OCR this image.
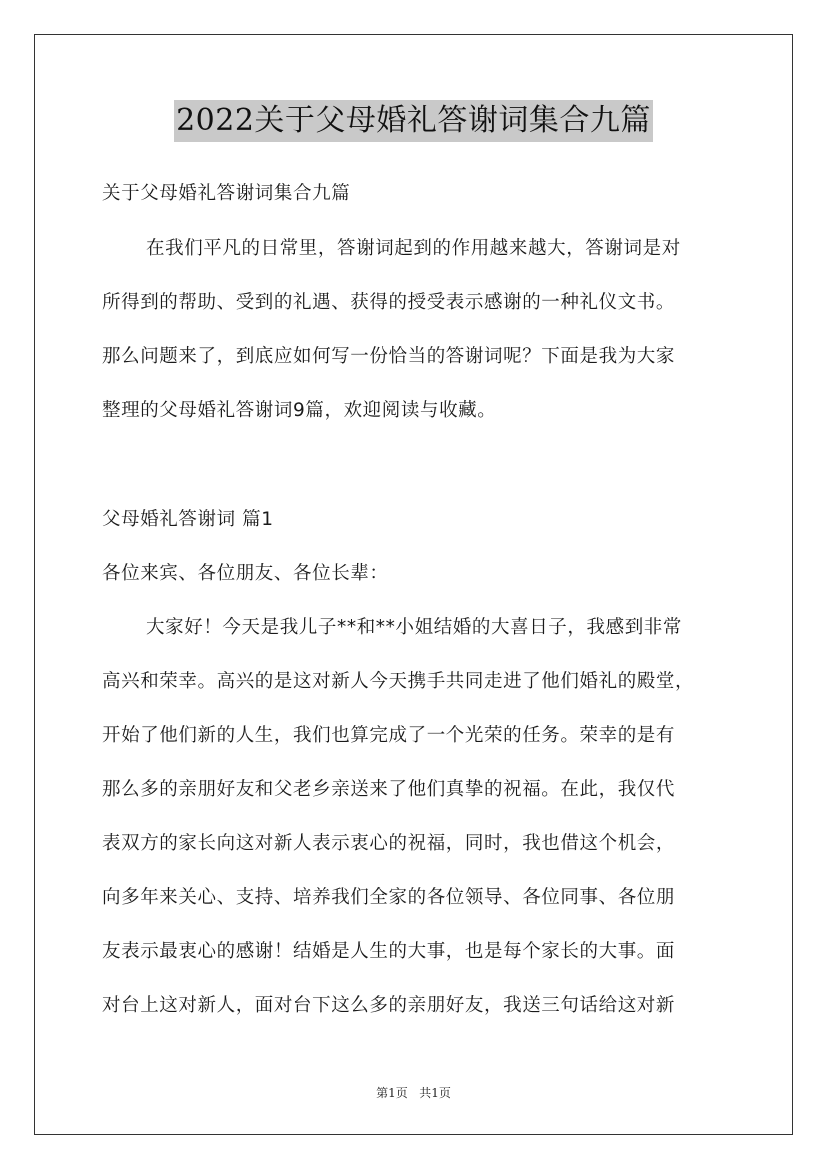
2022关于父母婚礼答谢词集合九篇
关于父母婚礼答谢词集合九篇
在我们平凡的日常里，答谢词起到的作用越来越大，答谢词是对
所得到的帮助、受到的礼遇、获得的授受表示感谢的一种礼仪文书。
那么问题来了，到底应如何写一份恰当的答谢词呢？下面是我为大家
整理的父母婚礼答谢词9篇，欢迎阅读与收藏。
父母婚礼答谢词 篇1
各位来宾、各位朋友、各位长辈：
大家好！今天是我儿子**和**小姐结婚的大喜日子，我感到非常
高兴和荣幸。高兴的是这对新人今天携手共同走进了他们婚礼的殿堂，
开始了他们新的人生，我们也算完成了一个光荣的任务。荣幸的是有
那么多的亲朋好友和父老乡亲送来了他们真挚的祝福。在此，我仅代
表双方的家长向这对新人表示衷心的祝福，同时，我也借这个机会，
向多年来关心、支持、培养我们全家的各位领导、各位同事、各位朋
友表示最衷心的感谢！结婚是人生的大事，也是每个家长的大事。面
对台上这对新人，面对台下这么多的亲朋好友，我送三句话给这对新
第1页 共1页
